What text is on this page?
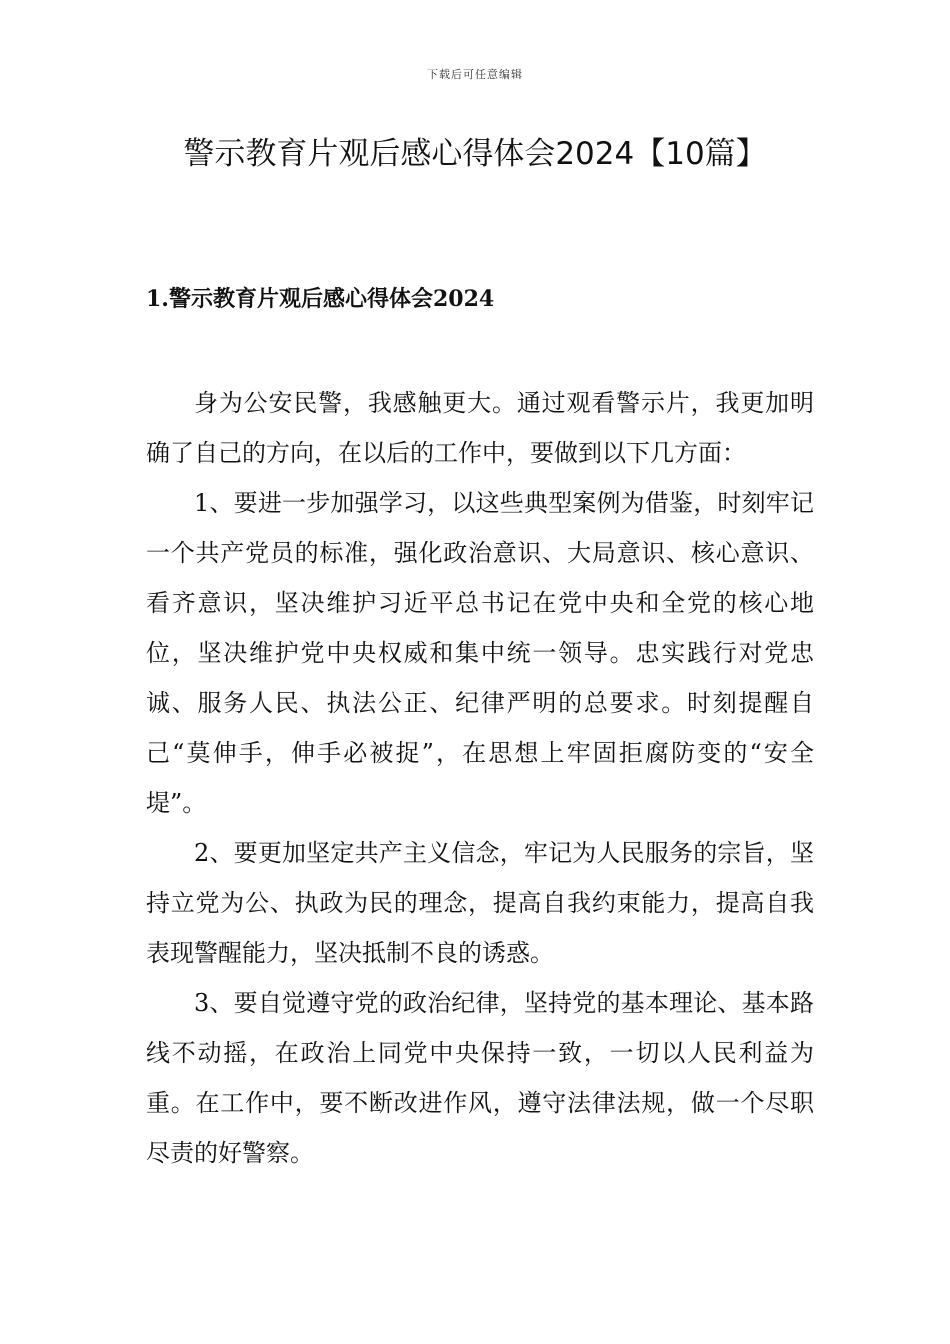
下载后可任意编辑
警示教育片观后感心得体会2024【10篇】
1.警示教育片观后感心得体会2024

身为公安民警，我感触更大。通过观看警示片，我更加明确了自己的方向，在以后的工作中，要做到以下几方面：

1、要进一步加强学习，以这些典型案例为借鉴，时刻牢记一个共产党员的标准，强化政治意识、大局意识、核心意识、看齐意识，坚决维护习近平总书记在党中央和全党的核心地位，坚决维护党中央权威和集中统一领导。忠实践行对党忠诚、服务人民、执法公正、纪律严明的总要求。时刻提醒自己“莫伸手，伸手必被捉”，在思想上牢固拒腐防变的“安全堤”。

2、要更加坚定共产主义信念，牢记为人民服务的宗旨，坚持立党为公、执政为民的理念，提高自我约束能力，提高自我表现警醒能力，坚决抵制不良的诱惑。

3、要自觉遵守党的政治纪律，坚持党的基本理论、基本路线不动摇，在政治上同党中央保持一致，一切以人民利益为重。在工作中，要不断改进作风，遵守法律法规，做一个尽职尽责的好警察。
